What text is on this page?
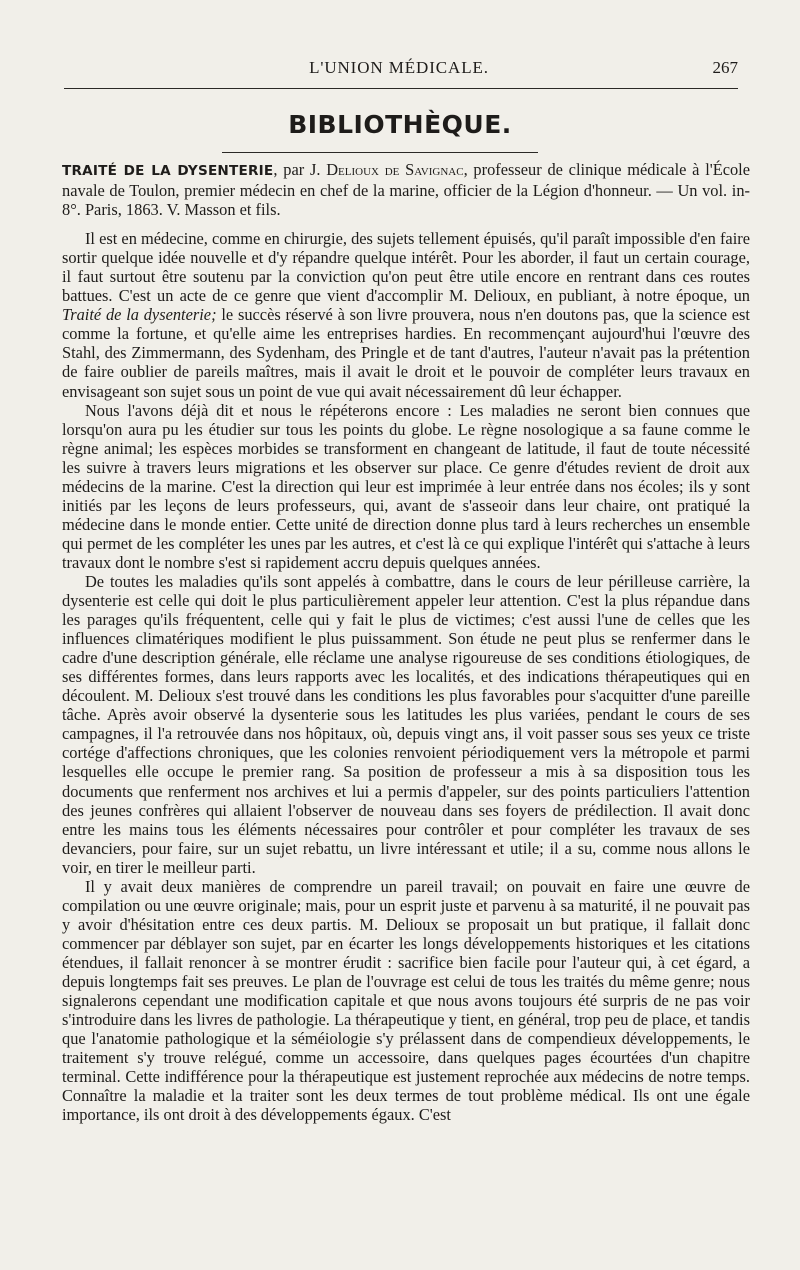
L'UNION MÉDICALE.	267
BIBLIOTHÈQUE.

TRAITÉ DE LA DYSENTERIE, par J. Delioux de Savignac, professeur de clinique médicale à l'École navale de Toulon, premier médecin en chef de la marine, officier de la Légion d'honneur. — Un vol. in-8°. Paris, 1863. V. Masson et fils.

Il est en médecine, comme en chirurgie, des sujets tellement épuisés, qu'il paraît impossible d'en faire sortir quelque idée nouvelle et d'y répandre quelque intérêt. Pour les aborder, il faut un certain courage, il faut surtout être soutenu par la conviction qu'on peut être utile encore en rentrant dans ces routes battues. C'est un acte de ce genre que vient d'accomplir M. Delioux, en publiant, à notre époque, un Traité de la dysenterie; le succès réservé à son livre prouvera, nous n'en doutons pas, que la science est comme la fortune, et qu'elle aime les entreprises hardies. En recommençant aujourd'hui l'œuvre des Stahl, des Zimmermann, des Sydenham, des Pringle et de tant d'autres, l'auteur n'avait pas la prétention de faire oublier de pareils maîtres, mais il avait le droit et le pouvoir de compléter leurs travaux en envisageant son sujet sous un point de vue qui avait nécessairement dû leur échapper.

Nous l'avons déjà dit et nous le répéterons encore : Les maladies ne seront bien connues que lorsqu'on aura pu les étudier sur tous les points du globe. Le règne nosologique a sa faune comme le règne animal; les espèces morbides se transforment en changeant de latitude, il faut de toute nécessité les suivre à travers leurs migrations et les observer sur place. Ce genre d'études revient de droit aux médecins de la marine. C'est la direction qui leur est imprimée à leur entrée dans nos écoles; ils y sont initiés par les leçons de leurs professeurs, qui, avant de s'asseoir dans leur chaire, ont pratiqué la médecine dans le monde entier. Cette unité de direction donne plus tard à leurs recherches un ensemble qui permet de les compléter les unes par les autres, et c'est là ce qui explique l'intérêt qui s'attache à leurs travaux dont le nombre s'est si rapidement accru depuis quelques années.

De toutes les maladies qu'ils sont appelés à combattre, dans le cours de leur périlleuse carrière, la dysenterie est celle qui doit le plus particulièrement appeler leur attention. C'est la plus répandue dans les parages qu'ils fréquentent, celle qui y fait le plus de victimes; c'est aussi l'une de celles que les influences climatériques modifient le plus puissamment. Son étude ne peut plus se renfermer dans le cadre d'une description générale, elle réclame une analyse rigoureuse de ses conditions étiologiques, de ses différentes formes, dans leurs rapports avec les localités, et des indications thérapeutiques qui en découlent. M. Delioux s'est trouvé dans les conditions les plus favorables pour s'acquitter d'une pareille tâche. Après avoir observé la dysenterie sous les latitudes les plus variées, pendant le cours de ses campagnes, il l'a retrouvée dans nos hôpitaux, où, depuis vingt ans, il voit passer sous ses yeux ce triste cortége d'affections chroniques, que les colonies renvoient périodiquement vers la métropole et parmi lesquelles elle occupe le premier rang. Sa position de professeur a mis à sa disposition tous les documents que renferment nos archives et lui a permis d'appeler, sur des points particuliers l'attention des jeunes confrères qui allaient l'observer de nouveau dans ses foyers de prédilection. Il avait donc entre les mains tous les éléments nécessaires pour contrôler et pour compléter les travaux de ses devanciers, pour faire, sur un sujet rebattu, un livre intéressant et utile; il a su, comme nous allons le voir, en tirer le meilleur parti.

Il y avait deux manières de comprendre un pareil travail; on pouvait en faire une œuvre de compilation ou une œuvre originale; mais, pour un esprit juste et parvenu à sa maturité, il ne pouvait pas y avoir d'hésitation entre ces deux partis. M. Delioux se proposait un but pratique, il fallait donc commencer par déblayer son sujet, par en écarter les longs développements historiques et les citations étendues, il fallait renoncer à se montrer érudit : sacrifice bien facile pour l'auteur qui, à cet égard, a depuis longtemps fait ses preuves. Le plan de l'ouvrage est celui de tous les traités du même genre; nous signalerons cependant une modification capitale et que nous avons toujours été surpris de ne pas voir s'introduire dans les livres de pathologie. La thérapeutique y tient, en général, trop peu de place, et tandis que l'anatomie pathologique et la séméiologie s'y prélassent dans de compendieux développements, le traitement s'y trouve relégué, comme un accessoire, dans quelques pages écourtées d'un chapitre terminal. Cette indifférence pour la thérapeutique est justement reprochée aux médecins de notre temps. Connaître la maladie et la traiter sont les deux termes de tout problème médical. Ils ont une égale importance, ils ont droit à des développements égaux. C'est
